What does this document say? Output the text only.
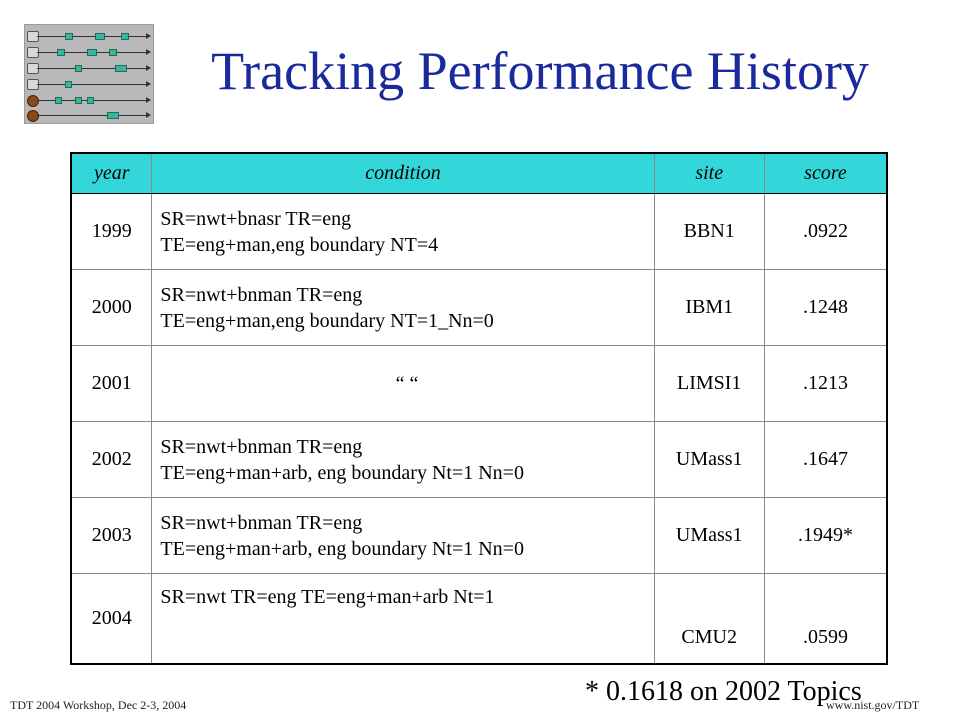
Tracking Performance History
year	condition	site	score
1999	SR=nwt+bnasr TR=eng
TE=eng+man,eng boundary NT=4	BBN1	.0922
2000	SR=nwt+bnman TR=eng
TE=eng+man,eng boundary NT=1_Nn=0	IBM1	.1248
2001	“ “	LIMSI1	.1213
2002	SR=nwt+bnman TR=eng
TE=eng+man+arb, eng boundary Nt=1 Nn=0	UMass1	.1647
2003	SR=nwt+bnman TR=eng
TE=eng+man+arb, eng boundary Nt=1 Nn=0	UMass1	.1949*
2004	SR=nwt TR=eng TE=eng+man+arb Nt=1	CMU2	.0599
* 0.1618 on 2002 Topics
TDT 2004 Workshop, Dec 2-3, 2004	www.nist.gov/TDT
